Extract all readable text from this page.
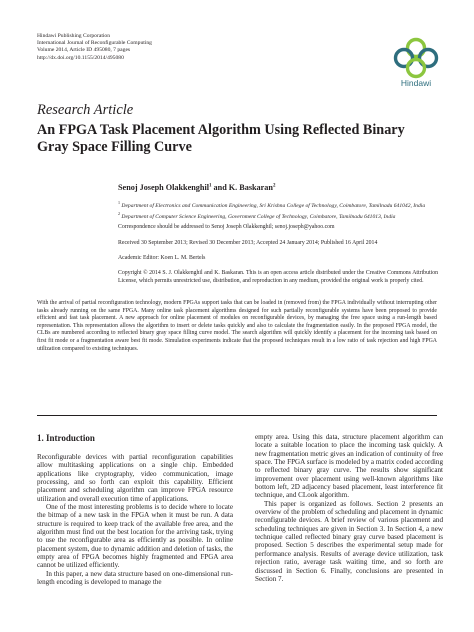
Hindawi Publishing Corporation
International Journal of Reconfigurable Computing
Volume 2014, Article ID 495080, 7 pages
http://dx.doi.org/10.1155/2014/495080
Hindawi
Research Article
An FPGA Task Placement Algorithm Using Reflected Binary
Gray Space Filling Curve
Senoj Joseph Olakkenghil$^1$ and K. Baskaran$^2$
$^1$ Department of Electronics and Communication Engineering, Sri Krishna College of Technology, Coimbatore, Tamilnadu 641042, India
$^2$ Department of Computer Science Engineering, Government College of Technology, Coimbatore, Tamilnadu 641013, India
Correspondence should be addressed to Senoj Joseph Olakkenghil; senoj.joseph@yahoo.com
Received 30 September 2013; Revised 30 December 2013; Accepted 24 January 2014; Published 16 April 2014
Academic Editor: Koen L. M. Bertels
Copyright © 2014 S. J. Olakkenghil and K. Baskaran. This is an open access article distributed under the Creative Commons Attribution License, which permits unrestricted use, distribution, and reproduction in any medium, provided the original work is properly cited.
With the arrival of partial reconfiguration technology, modern FPGAs support tasks that can be loaded in (removed from) the FPGA individually without interrupting other tasks already running on the same FPGA. Many online task placement algorithms designed for such partially reconfigurable systems have been proposed to provide efficient and fast task placement. A new approach for online placement of modules on reconfigurable devices, by managing the free space using a run-length based representation. This representation allows the algorithm to insert or delete tasks quickly and also to calculate the fragmentation easily. In the proposed FPGA model, the CLBs are numbered according to reflected binary gray space filling curve model. The search algorithm will quickly identify a placement for the incoming task based on first fit mode or a fragmentation aware best fit mode. Simulation experiments indicate that the proposed techniques result in a low ratio of task rejection and high FPGA utilization compared to existing techniques.
1. Introduction

Reconfigurable devices with partial reconfiguration capabilities allow multitasking applications on a single chip. Embedded applications like cryptography, video communication, image processing, and so forth can exploit this capability. Efficient placement and scheduling algorithm can improve FPGA resource utilization and overall execution time of applications.

One of the most interesting problems is to decide where to locate the bitmap of a new task in the FPGA when it must be run. A data structure is required to keep track of the available free area, and the algorithm must find out the best location for the arriving task, trying to use the reconfigurable area as efficiently as possible. In online placement system, due to dynamic addition and deletion of tasks, the empty area of FPGA becomes highly fragmented and FPGA area cannot be utilized efficiently.

In this paper, a new data structure based on one-dimensional run-length encoding is developed to manage the

empty area. Using this data, structure placement algorithm can locate a suitable location to place the incoming task quickly. A new fragmentation metric gives an indication of continuity of free space. The FPGA surface is modeled by a matrix coded according to reflected binary gray curve. The results show significant improvement over placement using well-known algorithms like bottom left, 2D adjacency based placement, least interference fit technique, and CLook algorithm.

This paper is organized as follows. Section 2 presents an overview of the problem of scheduling and placement in dynamic reconfigurable devices. A brief review of various placement and scheduling techniques are given in Section 3. In Section 4, a new technique called reflected binary gray curve based placement is proposed. Section 5 describes the experimental setup made for performance analysis. Results of average device utilization, task rejection ratio, average task waiting time, and so forth are discussed in Section 6. Finally, conclusions are presented in Section 7.
